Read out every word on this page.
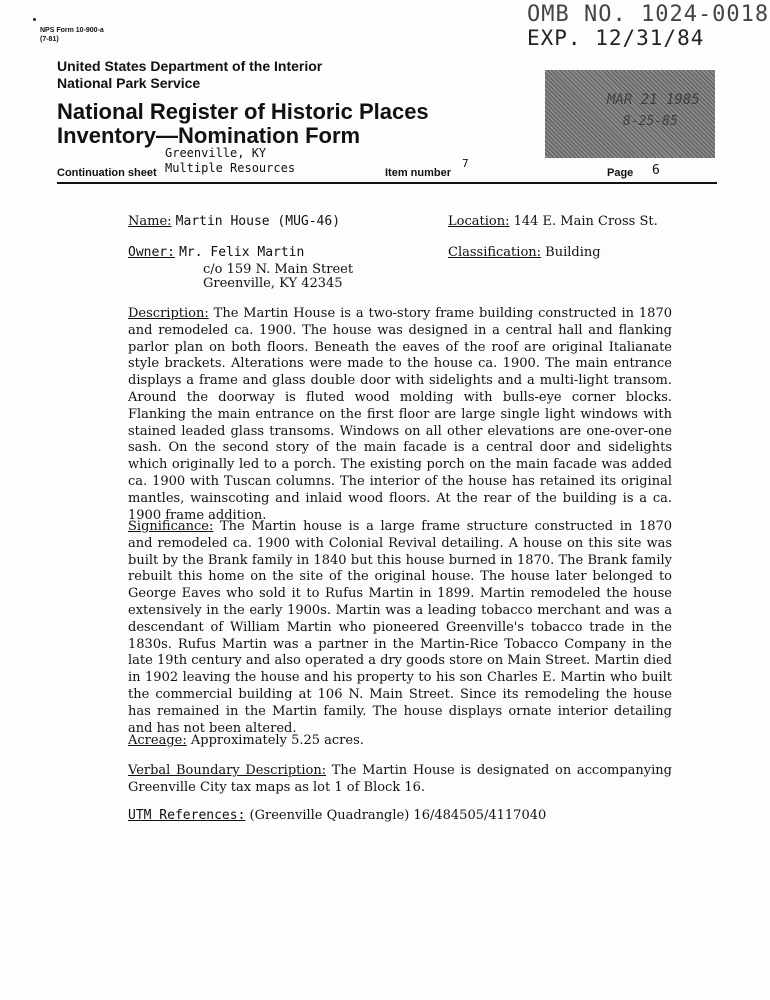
NPS Form 10-900-a
(7-81)
OMB NO. 1024-0018
EXP. 12/31/84
United States Department of the Interior
National Park Service
National Register of Historic Places
Inventory—Nomination Form
MAR 21 1985
8-25-85
Greenville, KY
Continuation sheet Multiple Resources	Item number
7
Page 6
Name: Martin House (MUG-46)	Location: 144 E. Main Cross St.
Owner: Mr. Felix Martin
c/o 159 N. Main Street
Greenville, KY 42345
Classification: Building
Description: The Martin House is a two-story frame building constructed in 1870 and remodeled ca. 1900. The house was designed in a central hall and flanking parlor plan on both floors. Beneath the eaves of the roof are original Italianate style brackets. Alterations were made to the house ca. 1900. The main entrance displays a frame and glass double door with sidelights and a multi-light transom. Around the doorway is fluted wood molding with bulls-eye corner blocks. Flanking the main entrance on the first floor are large single light windows with stained leaded glass transoms. Windows on all other elevations are one-over-one sash. On the second story of the main facade is a central door and sidelights which originally led to a porch. The existing porch on the main facade was added ca. 1900 with Tuscan columns. The interior of the house has retained its original mantles, wainscoting and inlaid wood floors. At the rear of the building is a ca. 1900 frame addition.
Significance: The Martin house is a large frame structure constructed in 1870 and remodeled ca. 1900 with Colonial Revival detailing. A house on this site was built by the Brank family in 1840 but this house burned in 1870. The Brank family rebuilt this home on the site of the original house. The house later belonged to George Eaves who sold it to Rufus Martin in 1899. Martin remodeled the house extensively in the early 1900s. Martin was a leading tobacco merchant and was a descendant of William Martin who pioneered Greenville's tobacco trade in the 1830s. Rufus Martin was a partner in the Martin-Rice Tobacco Company in the late 19th century and also operated a dry goods store on Main Street. Martin died in 1902 leaving the house and his property to his son Charles E. Martin who built the commercial building at 106 N. Main Street. Since its remodeling the house has remained in the Martin family. The house displays ornate interior detailing and has not been altered.
Acreage: Approximately 5.25 acres.
Verbal Boundary Description: The Martin House is designated on accompanying Greenville City tax maps as lot 1 of Block 16.
UTM References: (Greenville Quadrangle) 16/484505/4117040
